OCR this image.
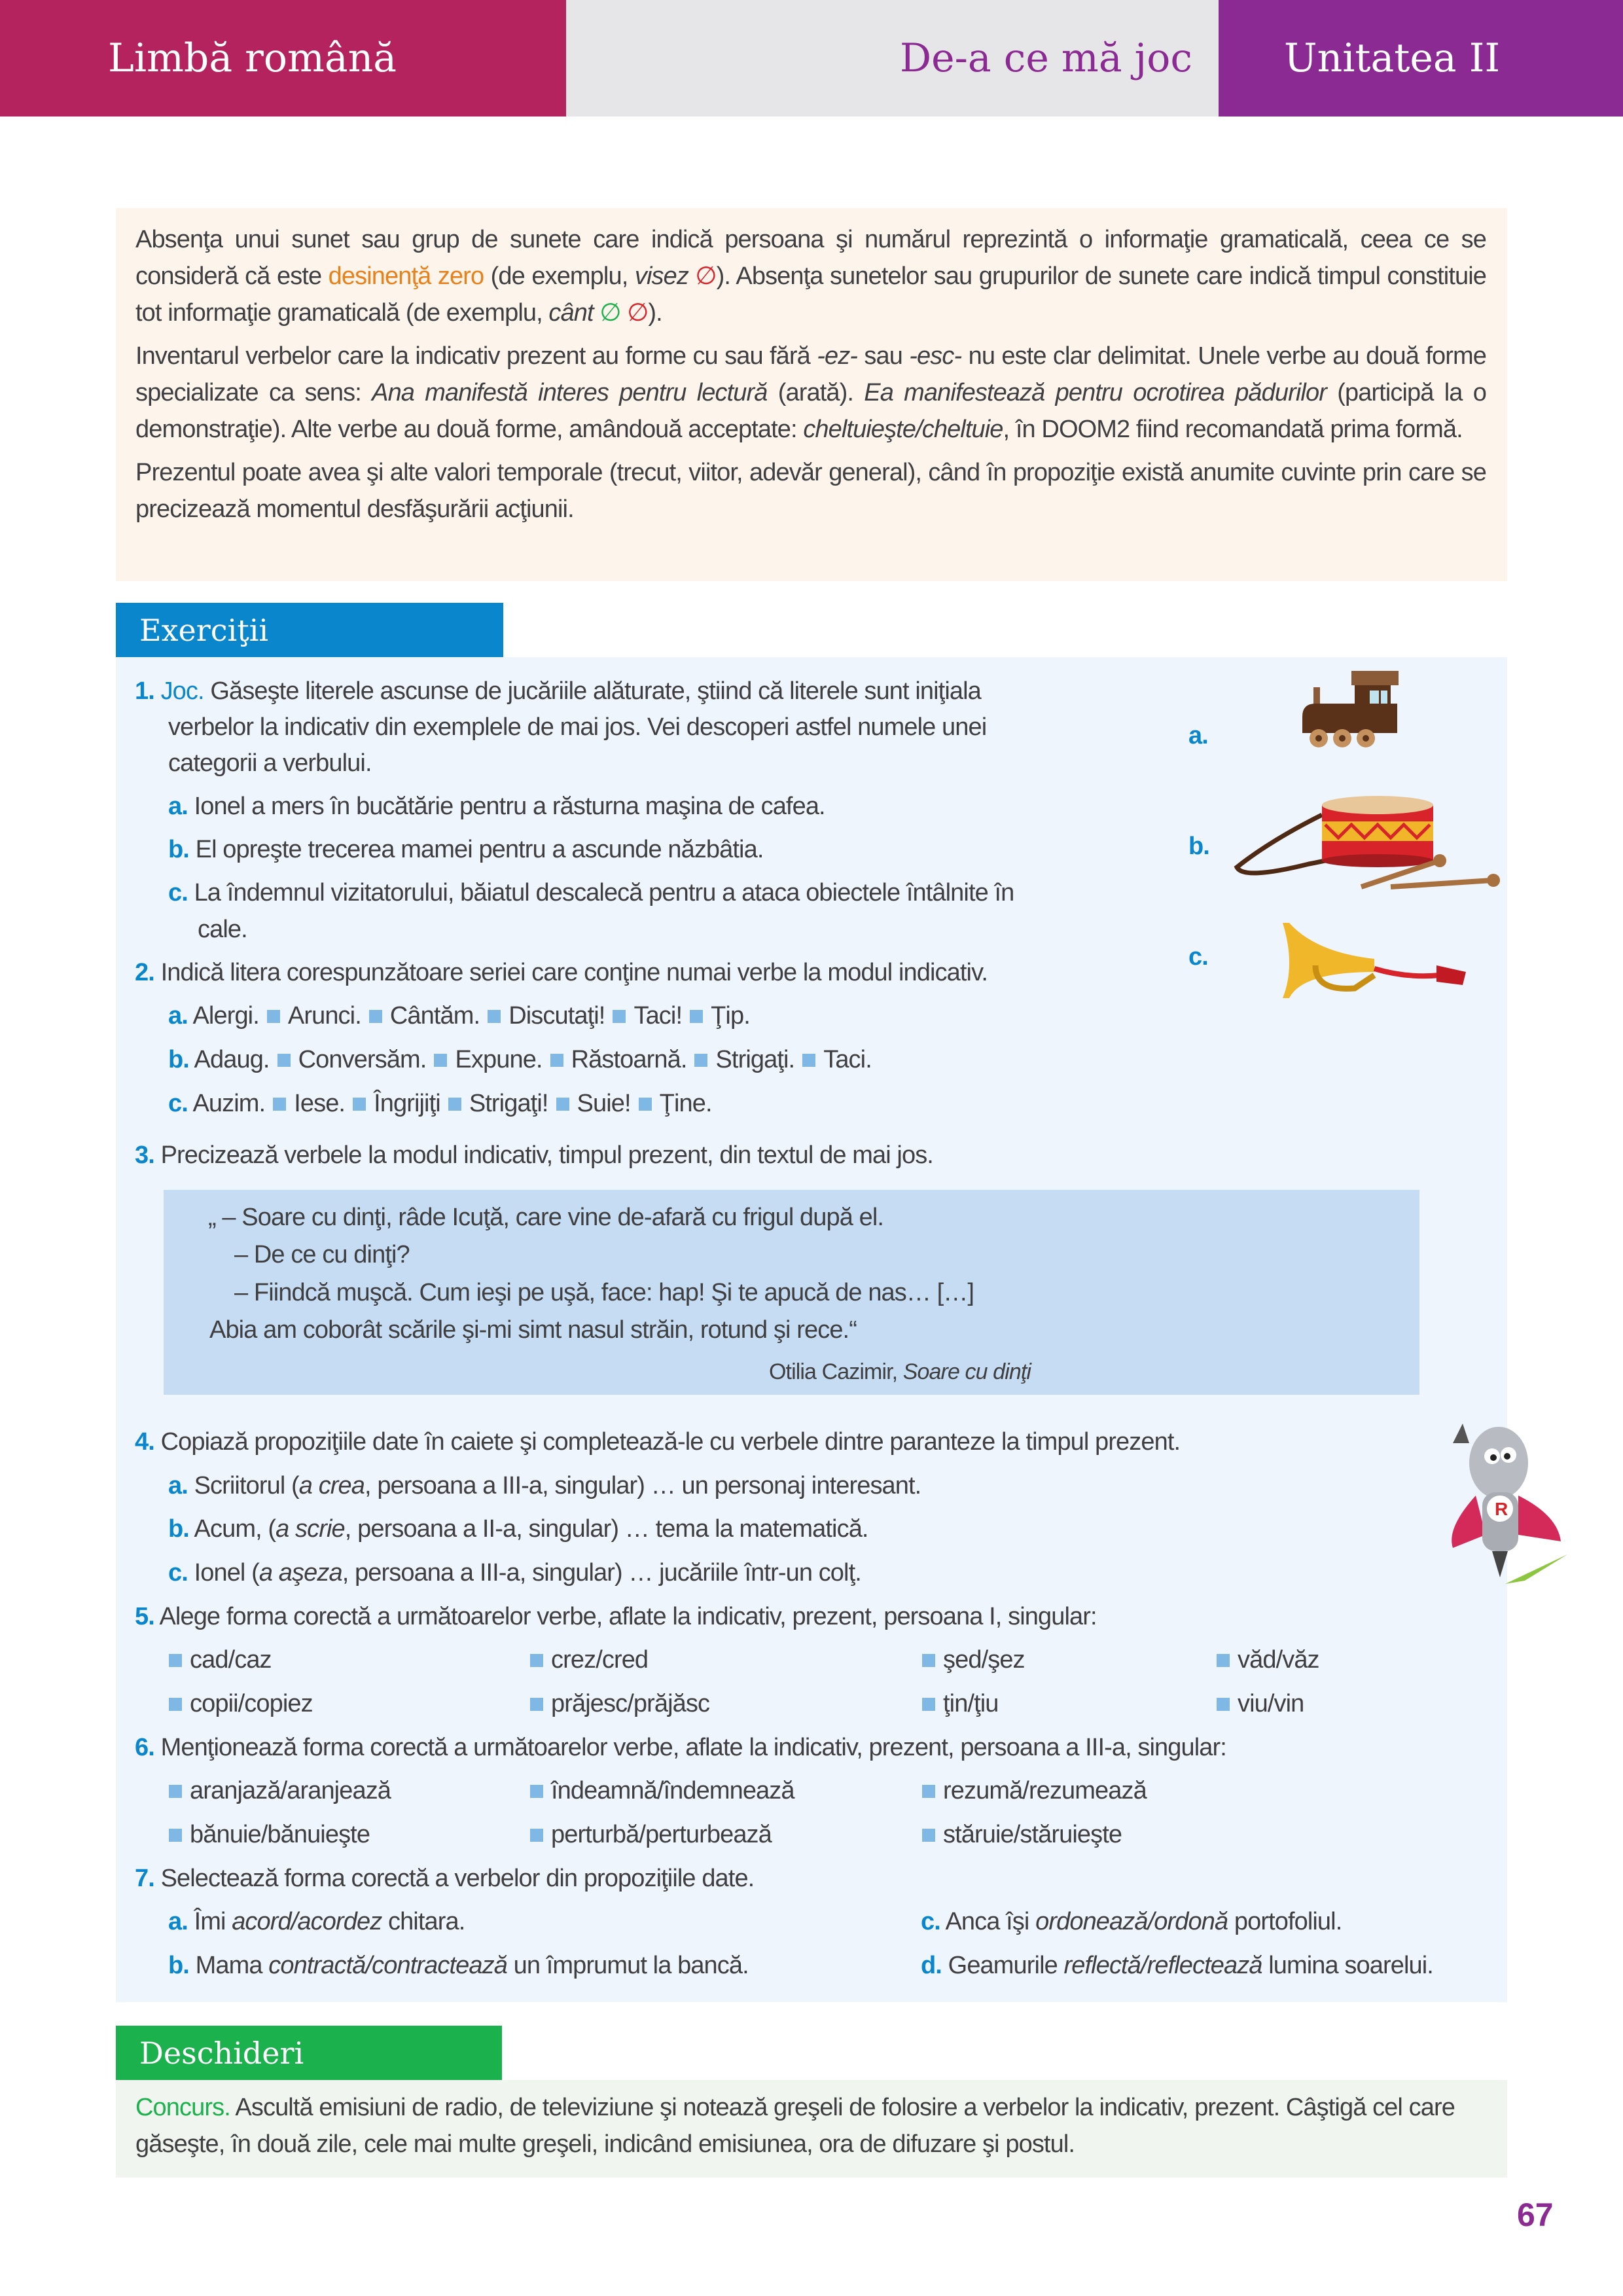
Limbă română	De-a ce mă joc Unitatea II

Absenţa unui sunet sau grup de sunete care indică persoana şi numărul reprezintă o informaţie gramaticală, ceea ce se consideră că este desinenţă zero (de exemplu, visez ∅). Absenţa sunetelor sau grupurilor de sunete care indică timpul constituie tot informaţie gramaticală (de exemplu, cânt ∅ ∅).

Inventarul verbelor care la indicativ prezent au forme cu sau fără -ez- sau -esc- nu este clar delimitat. Unele verbe au două forme specializate ca sens: Ana manifestă interes pentru lectură (arată). Ea manifestează pentru ocrotirea pădurilor (participă la o demonstraţie). Alte verbe au două forme, amândouă acceptate: cheltuieşte/cheltuie, în DOOM2 fiind recomandată prima formă.

Prezentul poate avea şi alte valori temporale (trecut, viitor, adevăr general), când în propoziţie există anumite cuvinte prin care se precizează momentul desfăşurării acţiunii.

Exerciţii
1. Joc. Găseşte literele ascunse de jucăriile alăturate, ştiind că literele sunt iniţiala
verbelor la indicativ din exemplele de mai jos. Vei descoperi astfel numele unei
categorii a verbului.
a. Ionel a mers în bucătărie pentru a răsturna maşina de cafea.
b. El opreşte trecerea mamei pentru a ascunde năzbâtia.
c. La îndemnul vizitatorului, băiatul descalecă pentru a ataca obiectele întâlnite în
cale.
a.
b.
c.
2. Indică litera corespunzătoare seriei care conţine numai verbe la modul indicativ.
a. Alergi. Arunci. Cântăm. Discutaţi! Taci! Ţip.
b. Adaug. Conversăm. Expune. Răstoarnă. Strigaţi. Taci.
c. Auzim. Iese. Îngrijiţi Strigaţi! Suie! Ţine.
3. Precizează verbele la modul indicativ, timpul prezent, din textul de mai jos.
„ – Soare cu dinţi, râde Icuţă, care vine de-afară cu frigul după el.
– De ce cu dinţi?
– Fiindcă muşcă. Cum ieşi pe uşă, face: hap! Şi te apucă de nas… […]
Abia am coborât scările şi-mi simt nasul străin, rotund şi rece.“
Otilia Cazimir, Soare cu dinţi
4. Copiază propoziţiile date în caiete şi completează-le cu verbele dintre paranteze la timpul prezent.
a. Scriitorul (a crea, persoana a III-a, singular) … un personaj interesant.
b. Acum, (a scrie, persoana a II-a, singular) … tema la matematică.
c. Ionel (a aşeza, persoana a III-a, singular) … jucăriile într-un colţ.
R
5. Alege forma corectă a următoarelor verbe, aflate la indicativ, prezent, persoana I, singular:
cad/caz	crez/cred	şed/şez	văd/văz
copii/copiez	prăjesc/prăjăsc	ţin/ţiu	viu/vin
6. Menţionează forma corectă a următoarelor verbe, aflate la indicativ, prezent, persoana a III-a, singular:
aranjază/aranjează	îndeamnă/îndemnează	rezumă/rezumează
bănuie/bănuieşte	perturbă/perturbează	stăruie/stăruieşte
7. Selectează forma corectă a verbelor din propoziţiile date.
a. Îmi acord/acordez chitara.
b. Mama contractă/contractează un împrumut la bancă.
c. Anca îşi ordonează/ordonă portofoliul.
d. Geamurile reflectă/reflectează lumina soarelui.
Deschideri
Concurs. Ascultă emisiuni de radio, de televiziune şi notează greşeli de folosire a verbelor la indicativ, prezent. Câştigă cel care găseşte, în două zile, cele mai multe greşeli, indicând emisiunea, ora de difuzare şi postul.
67
